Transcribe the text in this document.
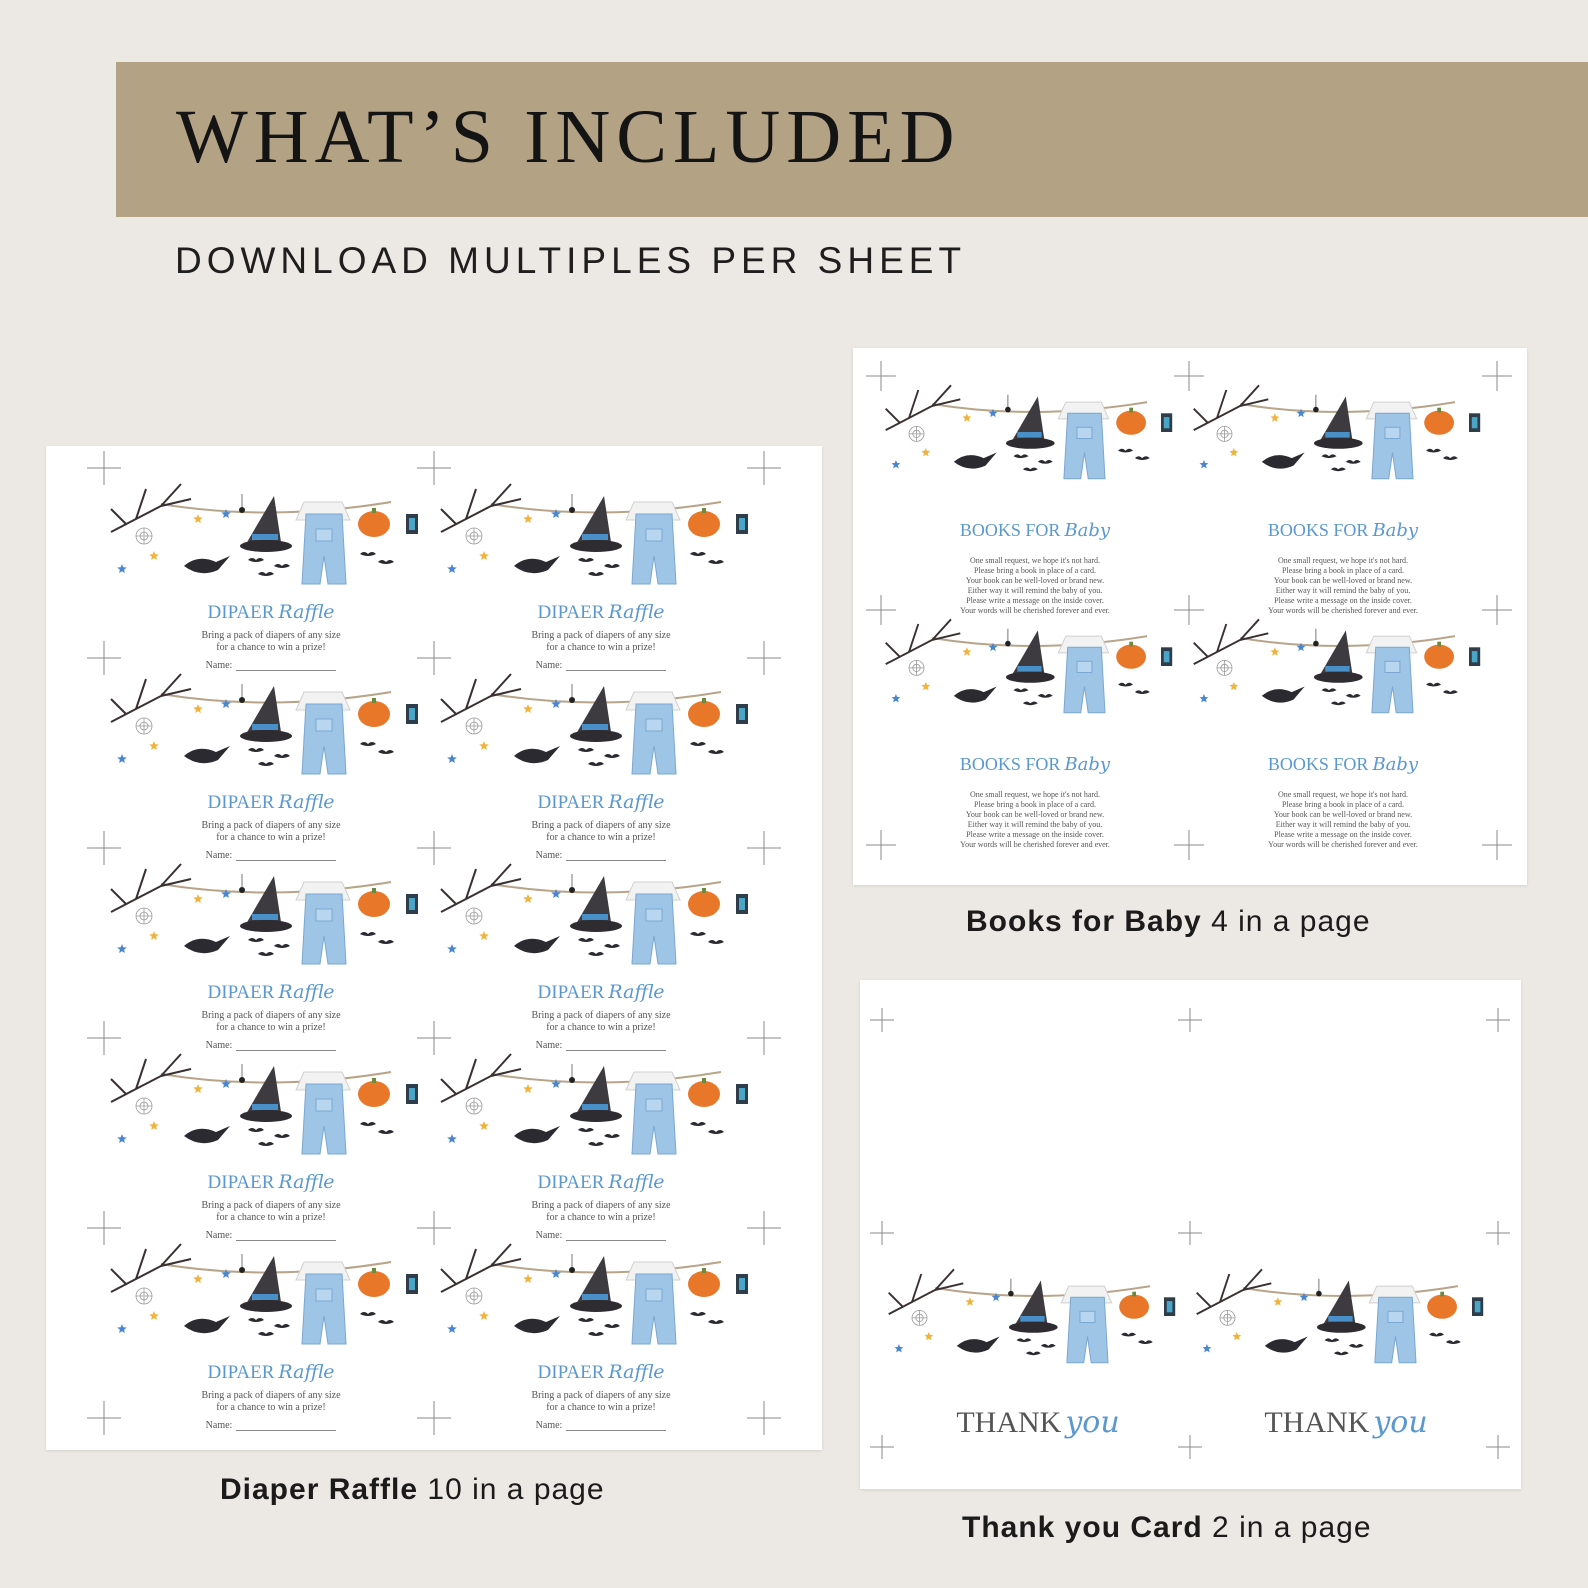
WHAT’S INCLUDED
DOWNLOAD MULTIPLES PER SHEET
DIPAER Raffle
Bring a pack of diapers of any size
for a chance to win a prize!
Name:
DIPAER Raffle
Bring a pack of diapers of any size
for a chance to win a prize!
Name:
DIPAER Raffle
Bring a pack of diapers of any size
for a chance to win a prize!
Name:
DIPAER Raffle
Bring a pack of diapers of any size
for a chance to win a prize!
Name:
DIPAER Raffle
Bring a pack of diapers of any size
for a chance to win a prize!
Name:
DIPAER Raffle
Bring a pack of diapers of any size
for a chance to win a prize!
Name:
DIPAER Raffle
Bring a pack of diapers of any size
for a chance to win a prize!
Name:
DIPAER Raffle
Bring a pack of diapers of any size
for a chance to win a prize!
Name:
DIPAER Raffle
Bring a pack of diapers of any size
for a chance to win a prize!
Name:
DIPAER Raffle
Bring a pack of diapers of any size
for a chance to win a prize!
Name:
BOOKS FOR Baby
One small request, we hope it's not hard.
Please bring a book in place of a card.
Your book can be well-loved or brand new.
Either way it will remind the baby of you.
Please write a message on the inside cover.
Your words will be cherished forever and ever.
BOOKS FOR Baby
One small request, we hope it's not hard.
Please bring a book in place of a card.
Your book can be well-loved or brand new.
Either way it will remind the baby of you.
Please write a message on the inside cover.
Your words will be cherished forever and ever.
BOOKS FOR Baby
One small request, we hope it's not hard.
Please bring a book in place of a card.
Your book can be well-loved or brand new.
Either way it will remind the baby of you.
Please write a message on the inside cover.
Your words will be cherished forever and ever.
BOOKS FOR Baby
One small request, we hope it's not hard.
Please bring a book in place of a card.
Your book can be well-loved or brand new.
Either way it will remind the baby of you.
Please write a message on the inside cover.
Your words will be cherished forever and ever.
THANK you	THANK you
Diaper Raffle 10 in a page
Books for Baby 4 in a page
Thank you Card 2 in a page
